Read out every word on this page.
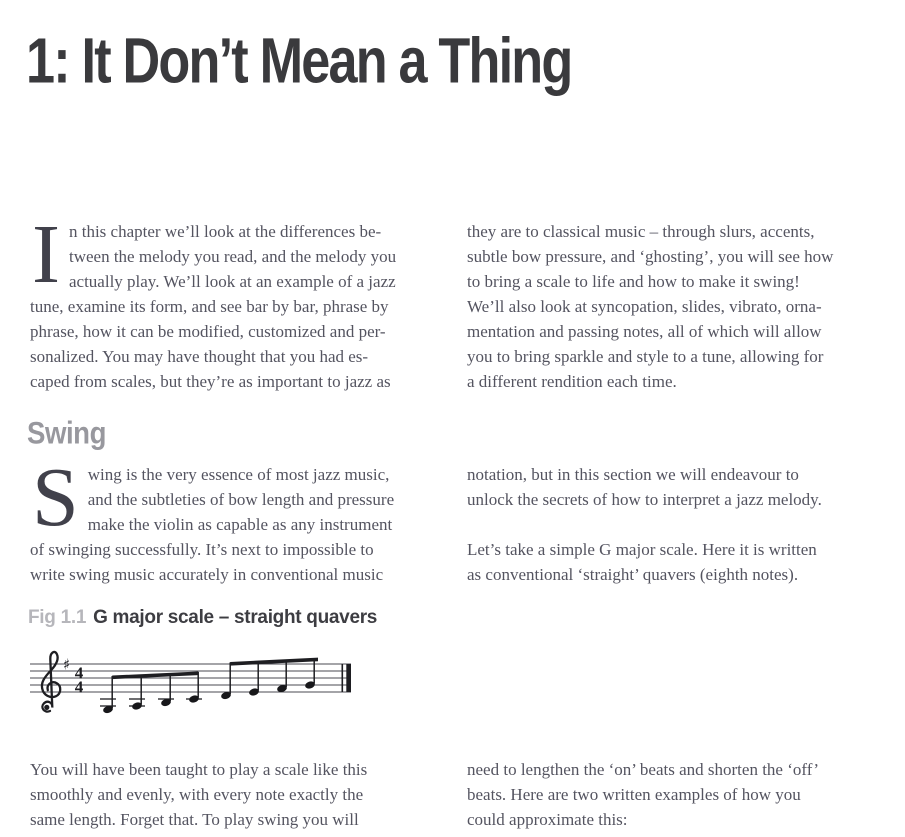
1: It Don’t Mean a Thing
I n this chapter we’ll look at the differences be-
tween the melody you read, and the melody you
actually play. We’ll look at an example of a jazz
tune, examine its form, and see bar by bar, phrase by
phrase, how it can be modified, customized and per-
sonalized. You may have thought that you had es-
caped from scales, but they’re as important to jazz as
they are to classical music – through slurs, accents,
subtle bow pressure, and ‘ghosting’, you will see how
to bring a scale to life and how to make it swing!
We’ll also look at syncopation, slides, vibrato, orna-
mentation and passing notes, all of which will allow
you to bring sparkle and style to a tune, allowing for
a different rendition each time.
Swing
S wing is the very essence of most jazz music,
and the subtleties of bow length and pressure
make the violin as capable as any instrument
of swinging successfully. It’s next to impossible to
write swing music accurately in conventional music
notation, but in this section we will endeavour to
unlock the secrets of how to interpret a jazz melody.
Let’s take a simple G major scale. Here it is written
as conventional ‘straight’ quavers (eighth notes).
Fig 1.1 G major scale – straight quavers
♯ 4
4
You will have been taught to play a scale like this
smoothly and evenly, with every note exactly the
same length. Forget that. To play swing you will
need to lengthen the ‘on’ beats and shorten the ‘off’
beats. Here are two written examples of how you
could approximate this:
